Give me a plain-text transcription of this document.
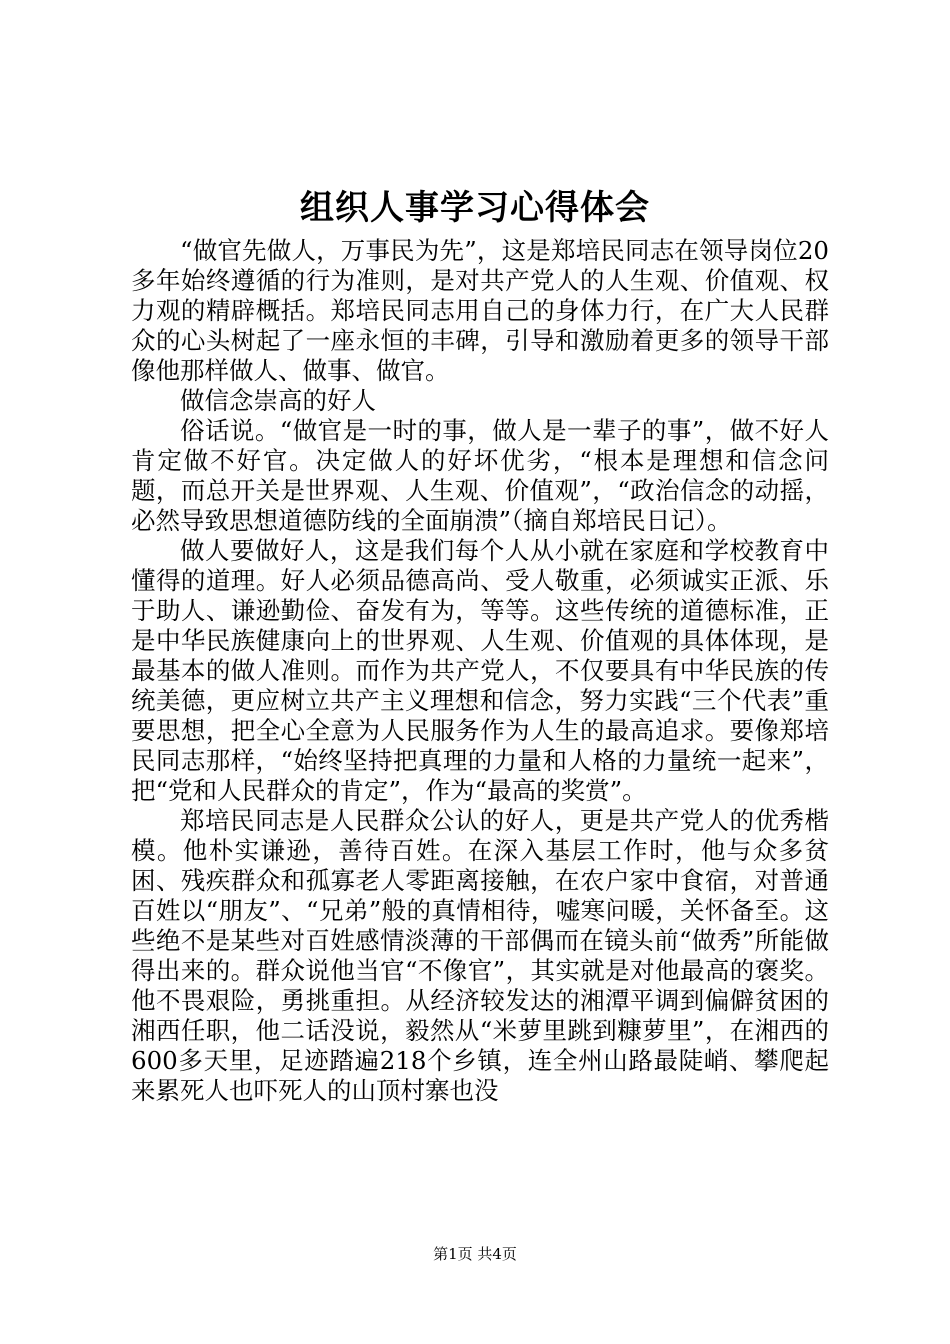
组织人事学习心得体会

“做官先做人，万事民为先”，这是郑培民同志在领导岗位20多年始终遵循的行为准则，是对共产党人的人生观、价值观、权力观的精辟概括。郑培民同志用自己的身体力行，在广大人民群众的心头树起了一座永恒的丰碑，引导和激励着更多的领导干部像他那样做人、做事、做官。

做信念崇高的好人

俗话说。“做官是一时的事，做人是一辈子的事”，做不好人肯定做不好官。决定做人的好坏优劣，“根本是理想和信念问题，而总开关是世界观、人生观、价值观”，“政治信念的动摇，必然导致思想道德防线的全面崩溃”（摘自郑培民日记）。

做人要做好人，这是我们每个人从小就在家庭和学校教育中懂得的道理。好人必须品德高尚、受人敬重，必须诚实正派、乐于助人、谦逊勤俭、奋发有为，等等。这些传统的道德标准，正是中华民族健康向上的世界观、人生观、价值观的具体体现，是最基本的做人准则。而作为共产党人，不仅要具有中华民族的传统美德，更应树立共产主义理想和信念，努力实践“三个代表”重要思想，把全心全意为人民服务作为人生的最高追求。要像郑培民同志那样，“始终坚持把真理的力量和人格的力量统一起来”，把“党和人民群众的肯定”，作为“最高的奖赏”。

郑培民同志是人民群众公认的好人，更是共产党人的优秀楷模。他朴实谦逊，善待百姓。在深入基层工作时，他与众多贫困、残疾群众和孤寡老人零距离接触，在农户家中食宿，对普通百姓以“朋友”、“兄弟”般的真情相待，嘘寒问暖，关怀备至。这些绝不是某些对百姓感情淡薄的干部偶而在镜头前“做秀”所能做得出来的。群众说他当官“不像官”，其实就是对他最高的褒奖。他不畏艰险，勇挑重担。从经济较发达的湘潭平调到偏僻贫困的湘西任职，他二话没说，毅然从“米萝里跳到糠萝里”，在湘西的600多天里，足迹踏遍218个乡镇，连全州山路最陡峭、攀爬起来累死人也吓死人的山顶村寨也没

第1页 共4页
